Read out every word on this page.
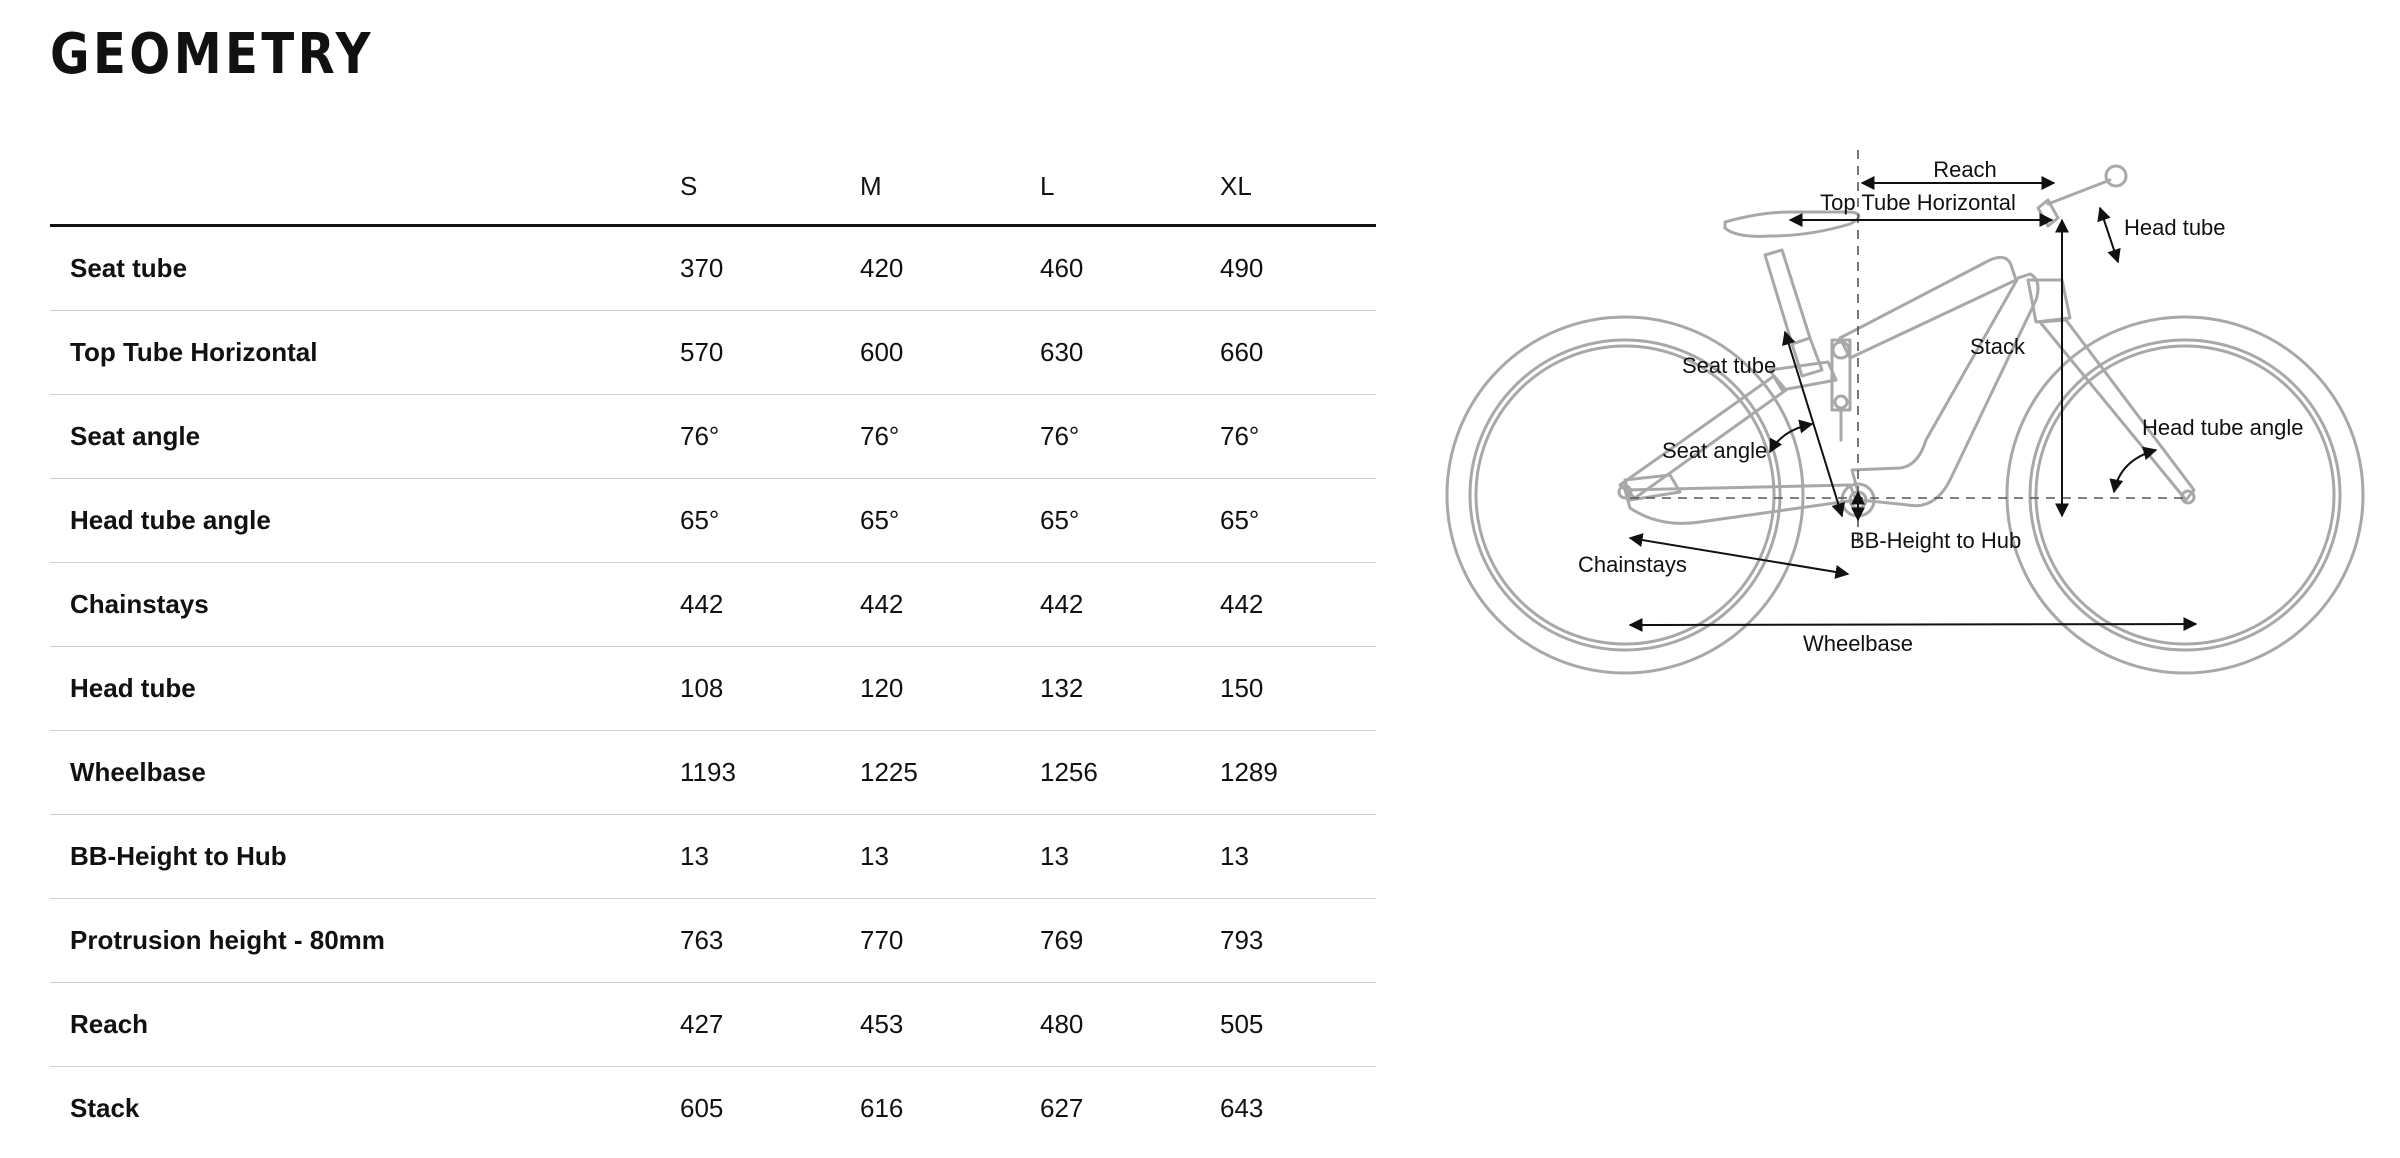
GEOMETRY
	S	M	L	XL
Seat tube	370	420	460	490
Top Tube Horizontal	570	600	630	660
Seat angle	76°	76°	76°	76°
Head tube angle	65°	65°	65°	65°
Chainstays	442	442	442	442
Head tube	108	120	132	150
Wheelbase	1193	1225	1256	1289
BB-Height to Hub	13	13	13	13
Protrusion height - 80mm	763	770	769	793
Reach	427	453	480	505
Stack	605	616	627	643
Reach
Top Tube Horizontal
Head tube
Stack
Seat tube
Seat angle
Head tube angle
BB-Height to Hub
Chainstays
Wheelbase
